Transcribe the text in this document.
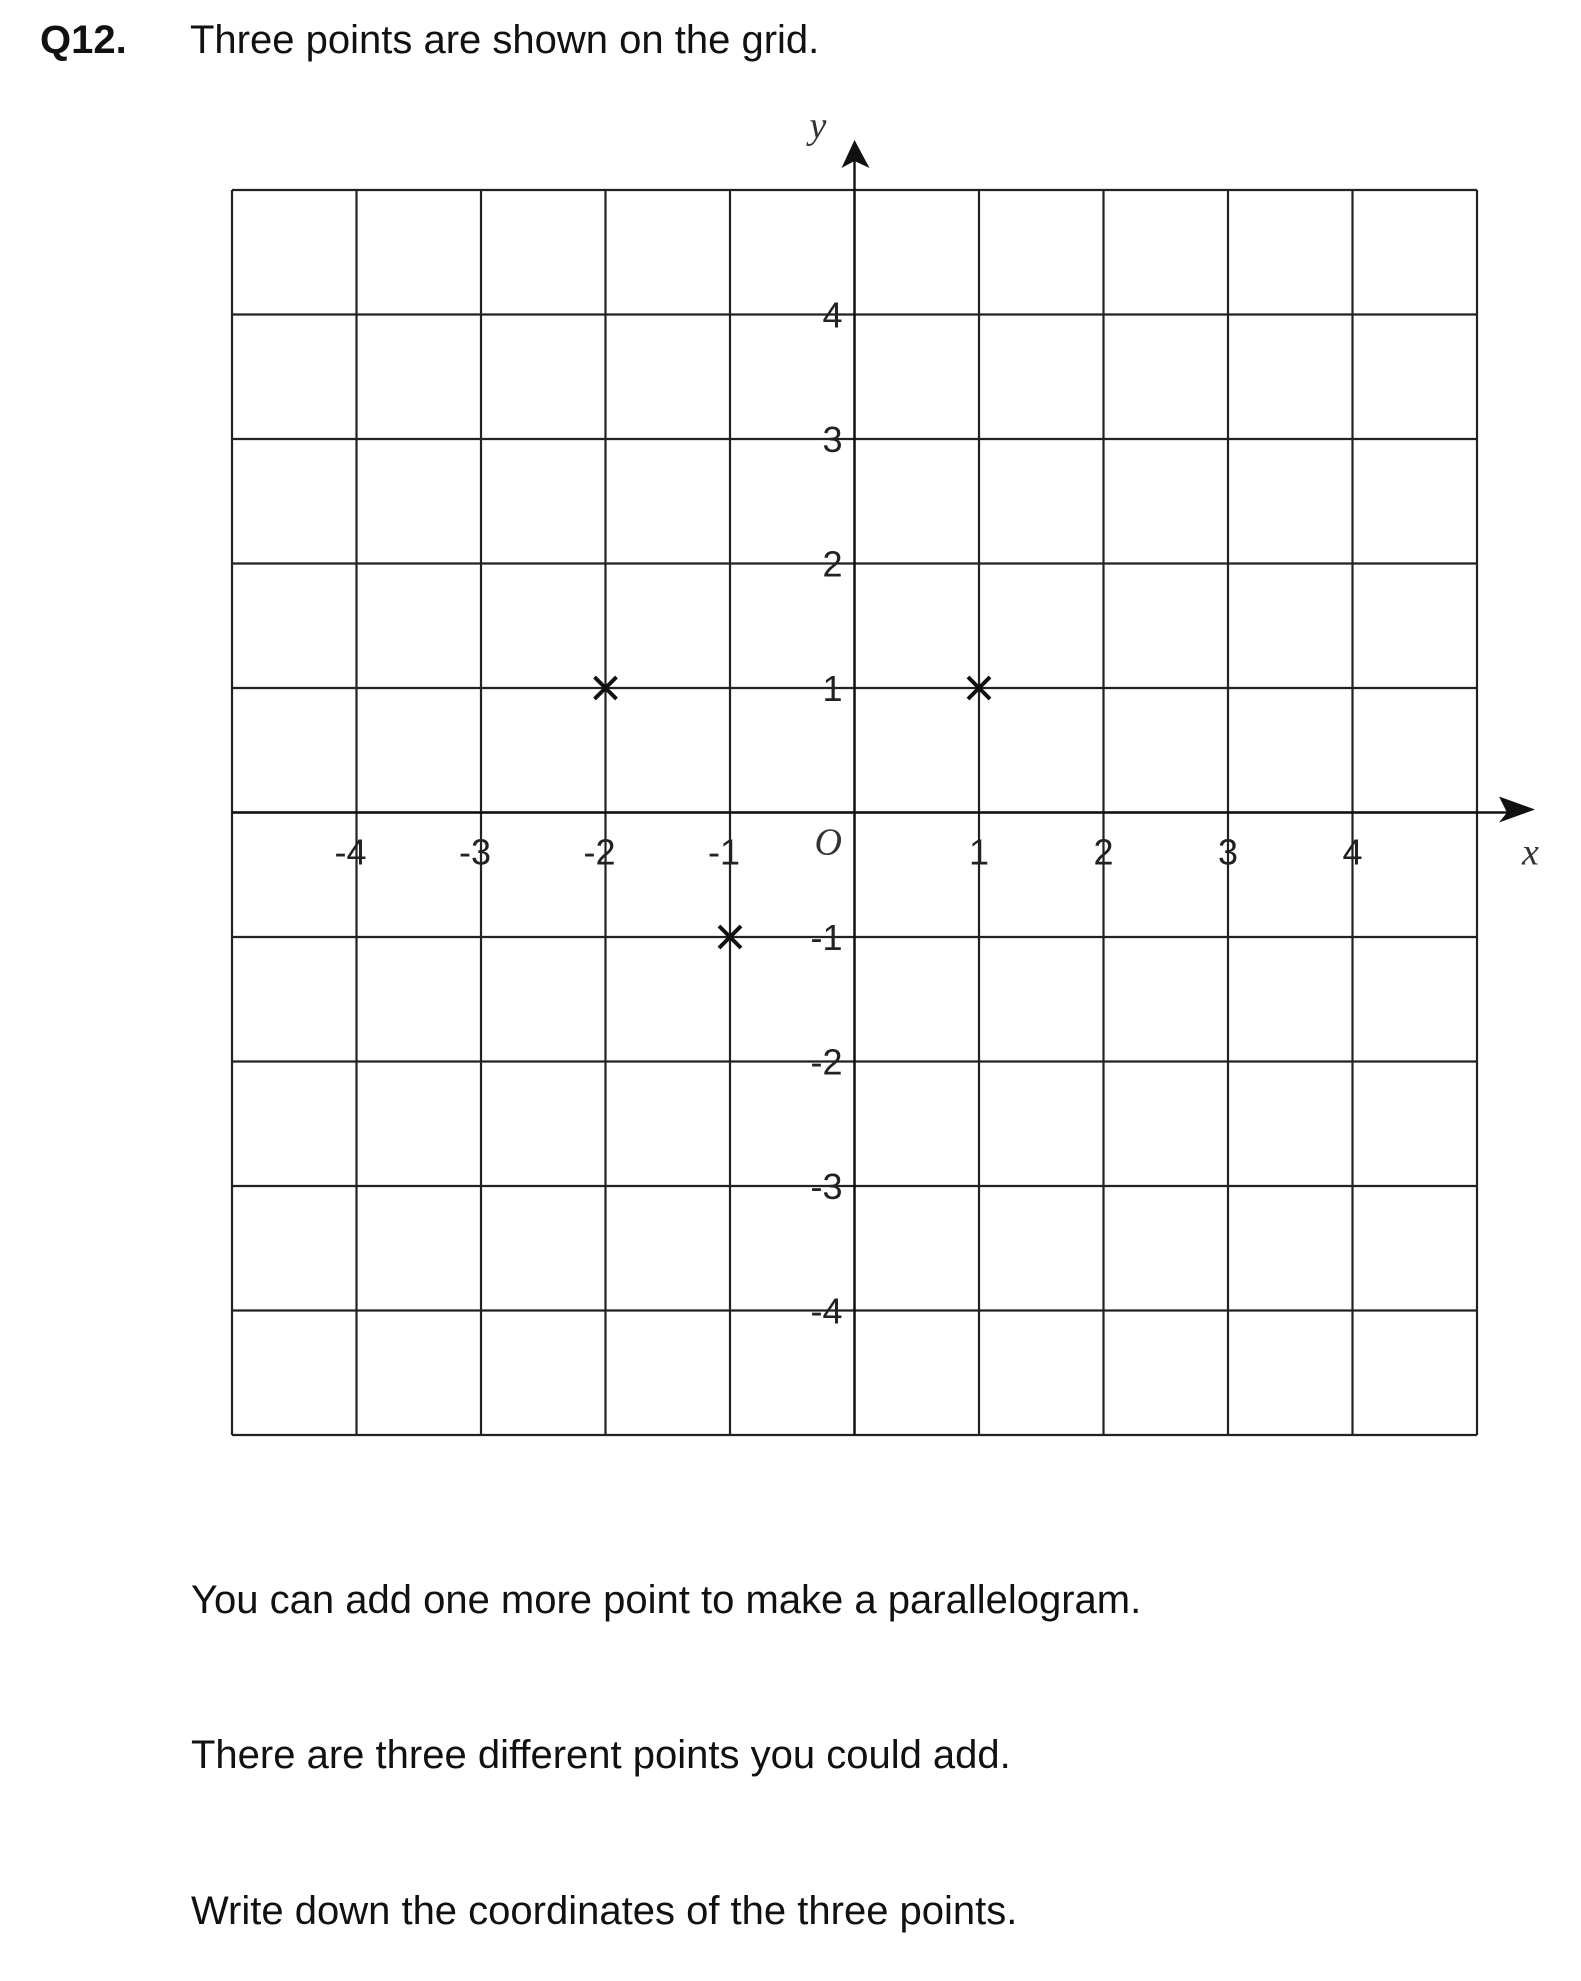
Q12. Three points are shown on the grid.
-4	-3	-2	-1	1	2	3	4
4
3
2
1
-1
-2
-3
-4
O	x
y
You can add one more point to make a parallelogram.
There are three different points you could add.
Write down the coordinates of the three points.
